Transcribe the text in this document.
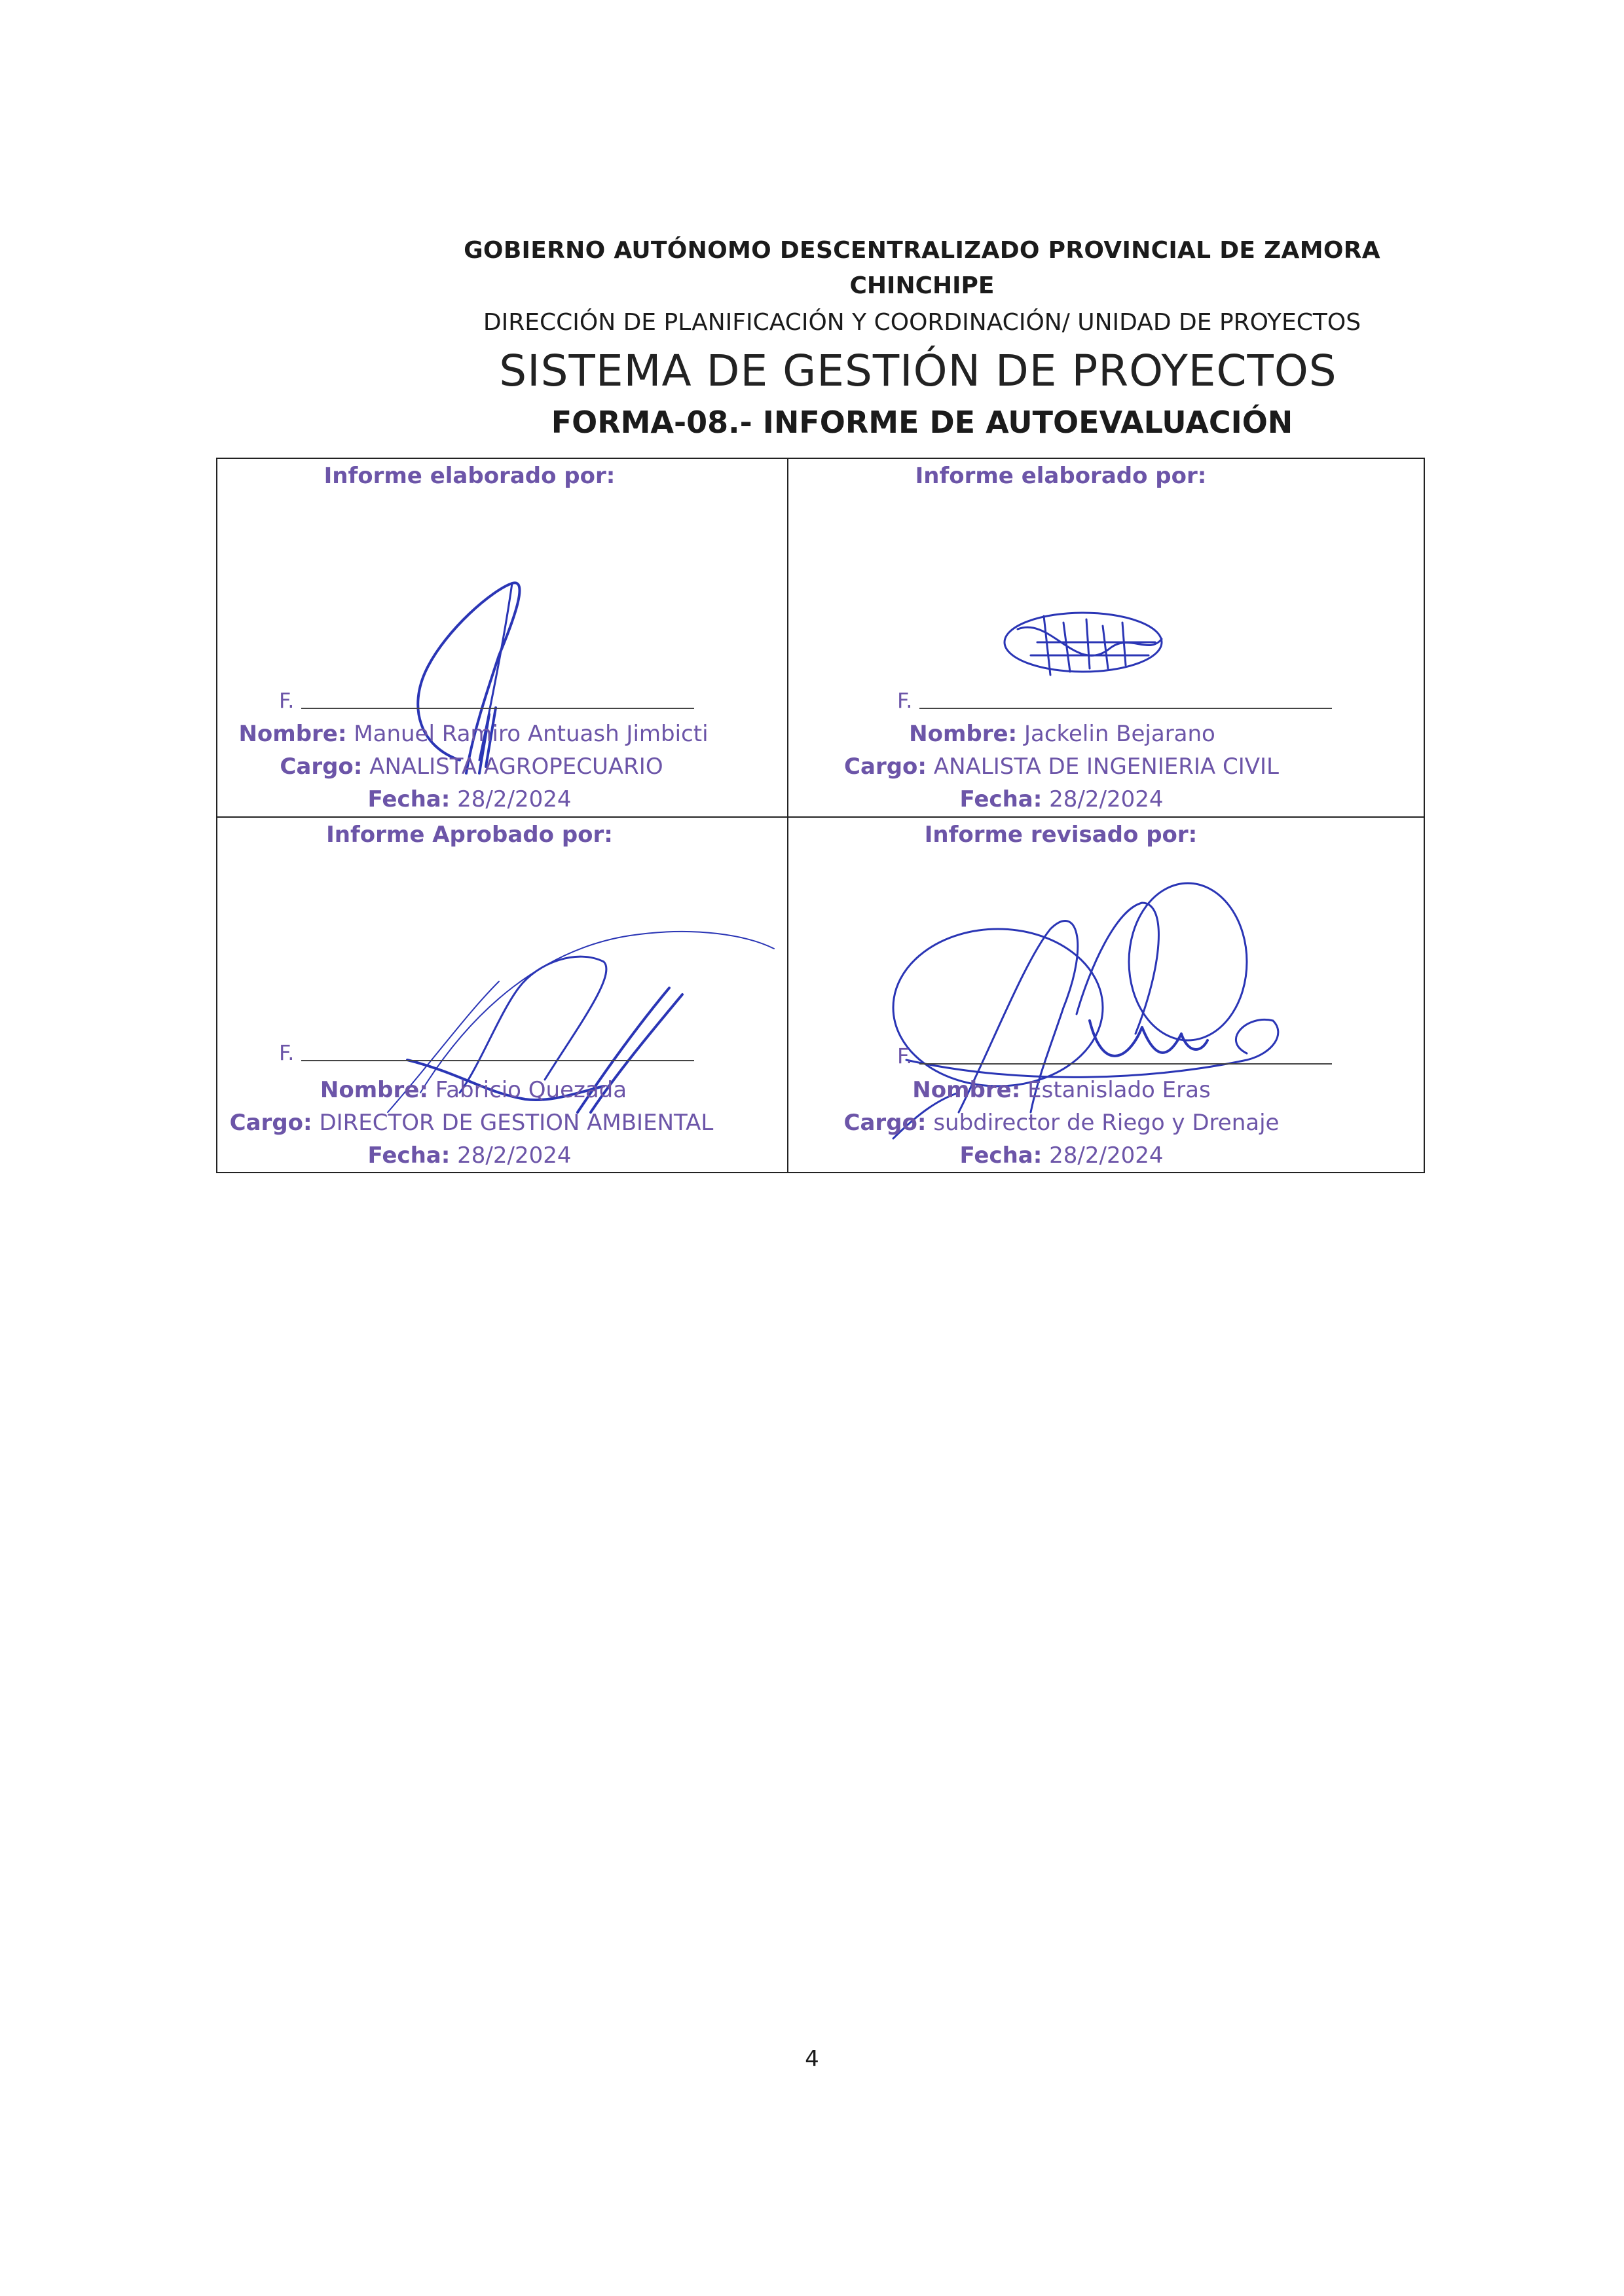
GOBIERNO AUTÓNOMO DESCENTRALIZADO PROVINCIAL DE ZAMORA
CHINCHIPE
DIRECCIÓN DE PLANIFICACIÓN Y COORDINACIÓN/ UNIDAD DE PROYECTOS
SISTEMA DE GESTIÓN DE PROYECTOS
FORMA-08.- INFORME DE AUTOEVALUACIÓN
Informe elaborado por:
F.
Nombre: Manuel Ramiro Antuash Jimbicti
Cargo: ANALISTA AGROPECUARIO
Fecha: 28/2/2024
Informe elaborado por:
F.
Nombre: Jackelin Bejarano
Cargo: ANALISTA DE INGENIERIA CIVIL
Fecha: 28/2/2024
Informe Aprobado por:
F.
Nombre: Fabricio Quezada
Cargo: DIRECTOR DE GESTION AMBIENTAL
Fecha: 28/2/2024
Informe revisado por:
F.
Nombre: Estanislado Eras
Cargo: subdirector de Riego y Drenaje
Fecha: 28/2/2024
4
